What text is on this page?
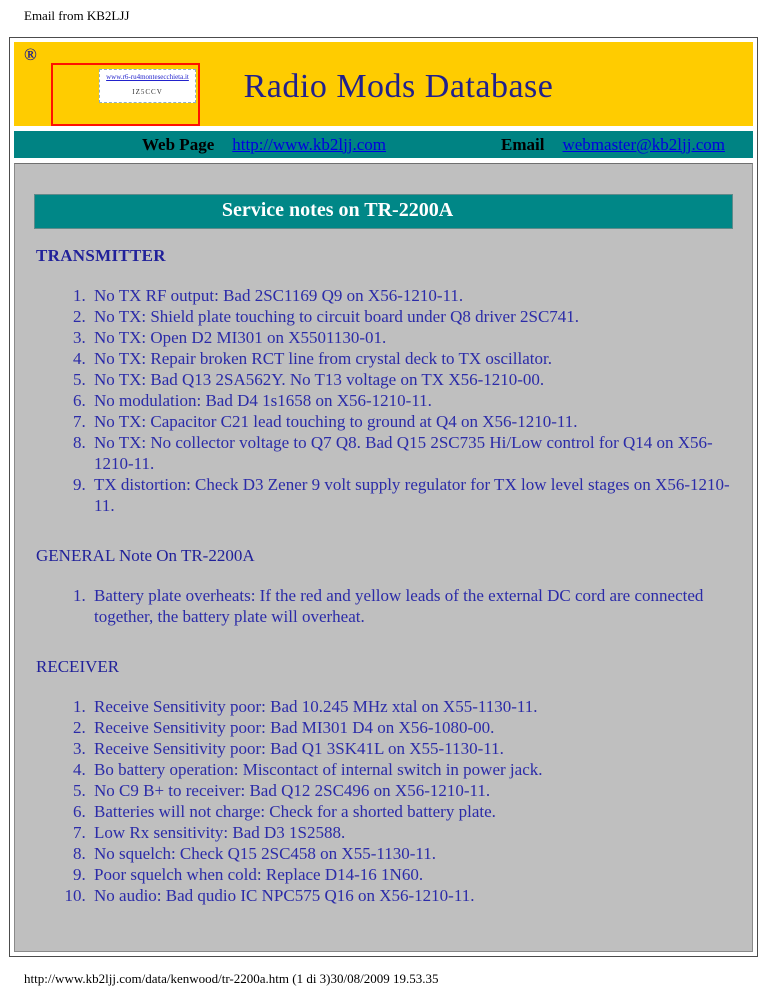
Email from KB2LJJ
®
Radio Mods Database
www.r6-ru4montesecchieta.it
IZ5CCV
Web Page http://www.kb2ljj.com	Email webmaster@kb2ljj.com
Service notes on TR-2200A
TRANSMITTER
1. No TX RF output: Bad 2SC1169 Q9 on X56-1210-11.
2. No TX: Shield plate touching to circuit board under Q8 driver 2SC741.
3. No TX: Open D2 MI301 on X5501130-01.
4. No TX: Repair broken RCT line from crystal deck to TX oscillator.
5. No TX: Bad Q13 2SA562Y. No T13 voltage on TX X56-1210-00.
6. No modulation: Bad D4 1s1658 on X56-1210-11.
7. No TX: Capacitor C21 lead touching to ground at Q4 on X56-1210-11.
8. No TX: No collector voltage to Q7 Q8. Bad Q15 2SC735 Hi/Low control for Q14 on X56-1210-11.
9. TX distortion: Check D3 Zener 9 volt supply regulator for TX low level stages on X56-1210-11.
GENERAL Note On TR-2200A
1. Battery plate overheats: If the red and yellow leads of the external DC cord are connected together, the battery plate will overheat.
RECEIVER
1. Receive Sensitivity poor: Bad 10.245 MHz xtal on X55-1130-11.
2. Receive Sensitivity poor: Bad MI301 D4 on X56-1080-00.
3. Receive Sensitivity poor: Bad Q1 3SK41L on X55-1130-11.
4. Bo battery operation: Miscontact of internal switch in power jack.
5. No C9 B+ to receiver: Bad Q12 2SC496 on X56-1210-11.
6. Batteries will not charge: Check for a shorted battery plate.
7. Low Rx sensitivity: Bad D3 1S2588.
8. No squelch: Check Q15 2SC458 on X55-1130-11.
9. Poor squelch when cold: Replace D14-16 1N60.
10. No audio: Bad qudio IC NPC575 Q16 on X56-1210-11.
http://www.kb2ljj.com/data/kenwood/tr-2200a.htm (1 di 3)30/08/2009 19.53.35
